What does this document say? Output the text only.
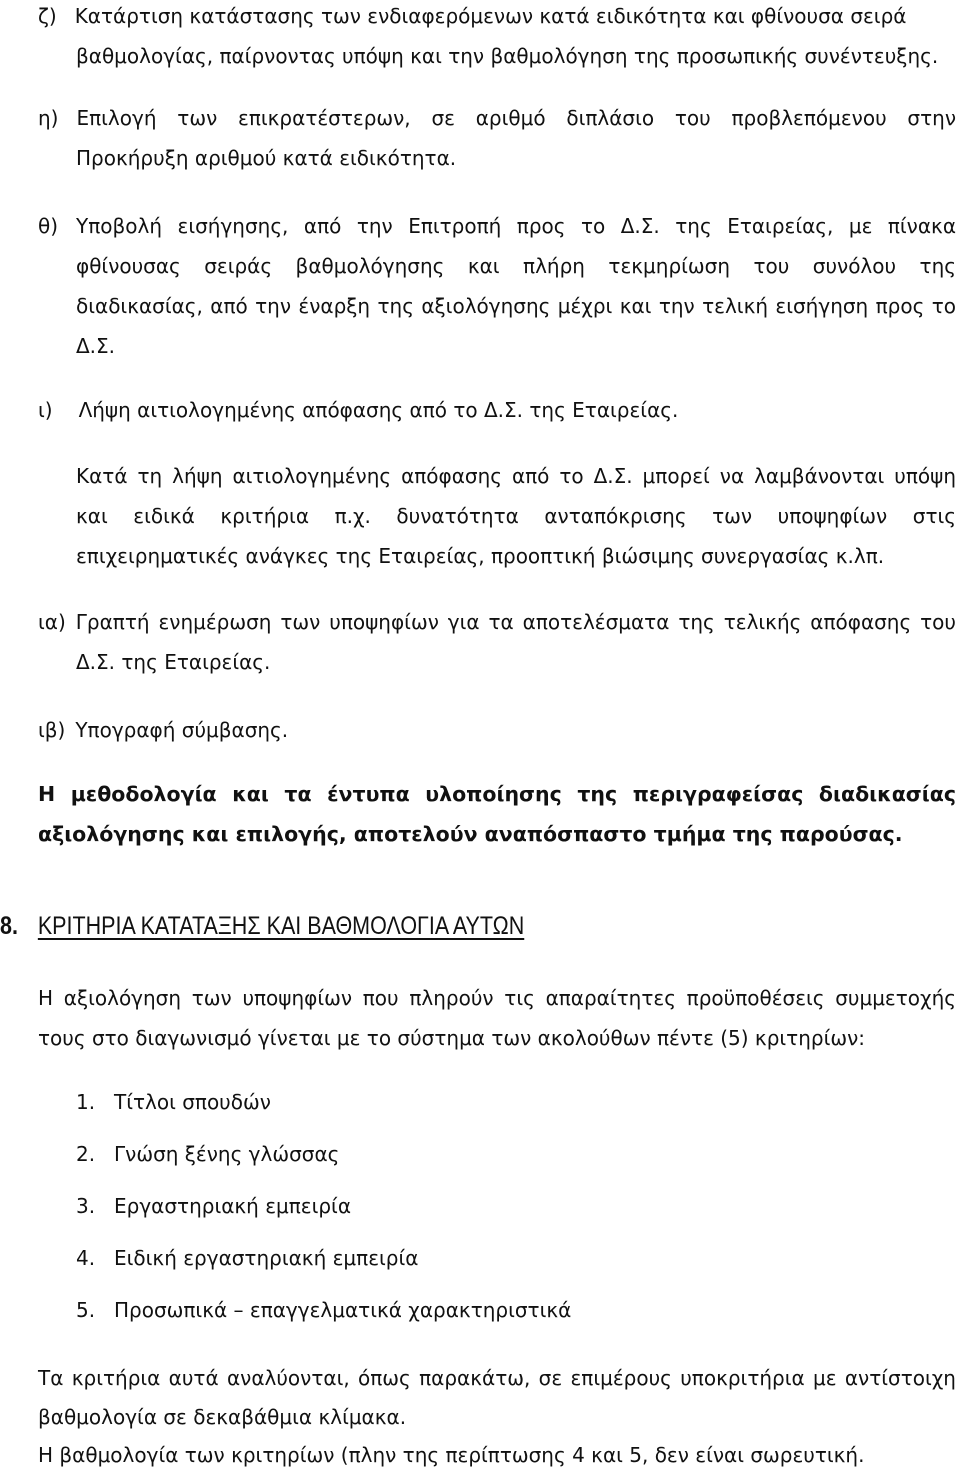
ζ) Κατάρτιση κατάστασης των ενδιαφερόμενων κατά ειδικότητα και φθίνουσα σειρά
βαθμολογίας, παίρνοντας υπόψη και την βαθμολόγηση της προσωπικής συνέντευξης.
η) Επιλογή των επικρατέστερων, σε αριθμό διπλάσιο του προβλεπόμενου στην
Προκήρυξη αριθμού κατά ειδικότητα.
θ) Υποβολή εισήγησης, από την Επιτροπή προς το Δ.Σ. της Εταιρείας, με πίνακα
φθίνουσας σειράς βαθμολόγησης και πλήρη τεκμηρίωση του συνόλου της
διαδικασίας, από την έναρξη της αξιολόγησης μέχρι και την τελική εισήγηση προς το
Δ.Σ.
ι) Λήψη αιτιολογημένης απόφασης από το Δ.Σ. της Εταιρείας.
Κατά τη λήψη αιτιολογημένης απόφασης από το Δ.Σ. μπορεί να λαμβάνονται υπόψη
και ειδικά κριτήρια π.χ. δυνατότητα ανταπόκρισης των υποψηφίων στις
επιχειρηματικές ανάγκες της Εταιρείας, προοπτική βιώσιμης συνεργασίας κ.λπ.
ια) Γραπτή ενημέρωση των υποψηφίων για τα αποτελέσματα της τελικής απόφασης του
Δ.Σ. της Εταιρείας.
ιβ) Υπογραφή σύμβασης.
Η μεθοδολογία και τα έντυπα υλοποίησης της περιγραφείσας διαδικασίας
αξιολόγησης και επιλογής, αποτελούν αναπόσπαστο τμήμα της παρούσας.
8. ΚΡΙΤΗΡΙΑ ΚΑΤΑΤΑΞΗΣ ΚΑΙ ΒΑΘΜΟΛΟΓΙΑ ΑΥΤΩΝ
Η αξιολόγηση των υποψηφίων που πληρούν τις απαραίτητες προϋποθέσεις συμμετοχής
τους στο διαγωνισμό γίνεται με το σύστημα των ακολούθων πέντε (5) κριτηρίων:
1. Τίτλοι σπουδών
2. Γνώση ξένης γλώσσας
3. Εργαστηριακή εμπειρία
4. Ειδική εργαστηριακή εμπειρία
5. Προσωπικά – επαγγελματικά χαρακτηριστικά
Τα κριτήρια αυτά αναλύονται, όπως παρακάτω, σε επιμέρους υποκριτήρια με αντίστοιχη
βαθμολογία σε δεκαβάθμια κλίμακα.
Η βαθμολογία των κριτηρίων (πλην της περίπτωσης 4 και 5, δεν είναι σωρευτική.
